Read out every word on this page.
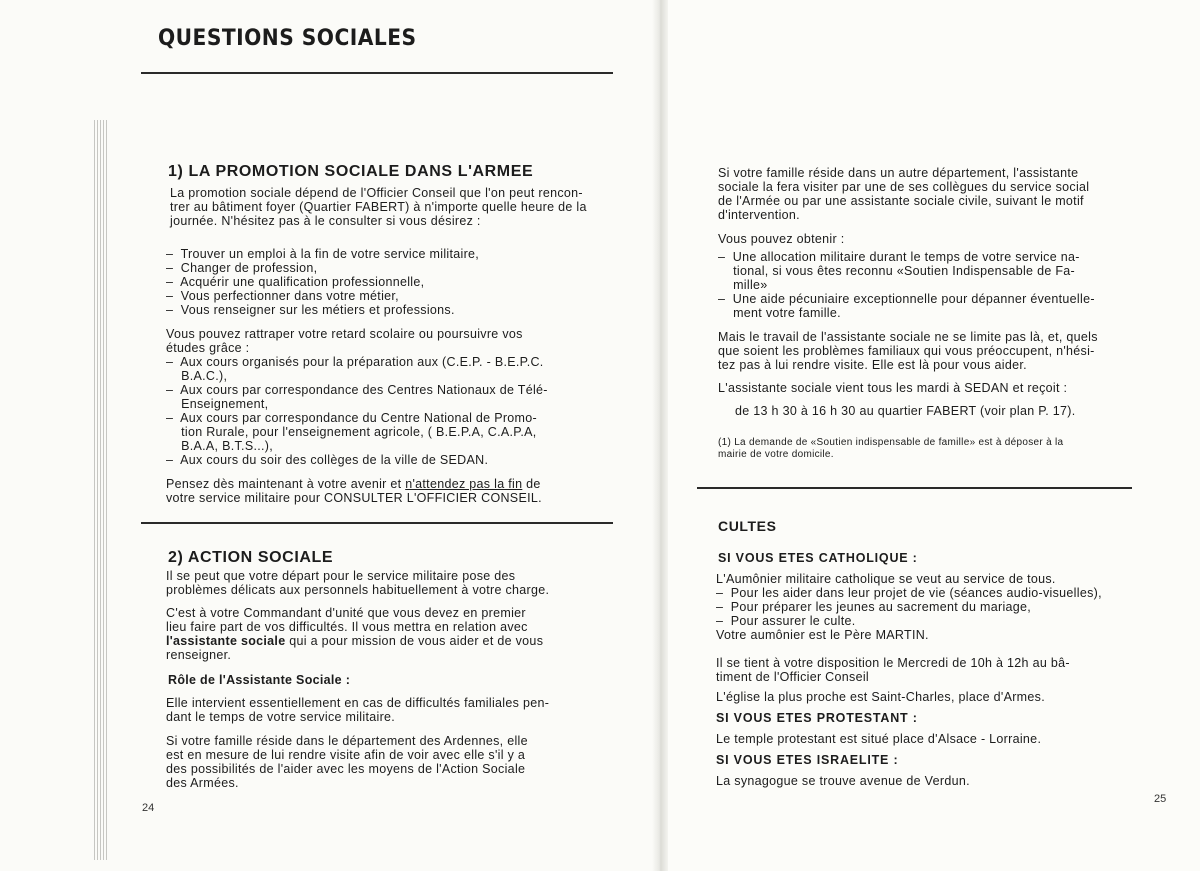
QUESTIONS SOCIALES
1) LA PROMOTION SOCIALE DANS L'ARMEE
La promotion sociale dépend de l'Officier Conseil que l'on peut rencon-
trer au bâtiment foyer (Quartier FABERT) à n'importe quelle heure de la
journée. N'hésitez pas à le consulter si vous désirez :
–  Trouver un emploi à la fin de votre service militaire,
–  Changer de profession,
–  Acquérir une qualification professionnelle,
–  Vous perfectionner dans votre métier,
–  Vous renseigner sur les métiers et professions.
Vous pouvez rattraper votre retard scolaire ou poursuivre vos
études grâce :
–  Aux cours organisés pour la préparation aux (C.E.P. - B.E.P.C.
B.A.C.),
–  Aux cours par correspondance des Centres Nationaux de Télé-
Enseignement,
–  Aux cours par correspondance du Centre National de Promo-
tion Rurale, pour l'enseignement agricole, ( B.E.P.A, C.A.P.A,
B.A.A, B.T.S...),
–  Aux cours du soir des collèges de la ville de SEDAN.
Pensez dès maintenant à votre avenir et n'attendez pas la fin de
votre service militaire pour CONSULTER L'OFFICIER CONSEIL.
2) ACTION SOCIALE
Il se peut que votre départ pour le service militaire pose des
problèmes délicats aux personnels habituellement à votre charge.
C'est à votre Commandant d'unité que vous devez en premier
lieu faire part de vos difficultés. Il vous mettra en relation avec
l'assistante sociale qui a pour mission de vous aider et de vous
renseigner.
Rôle de l'Assistante Sociale :
Elle intervient essentiellement en cas de difficultés familiales pen-
dant le temps de votre service militaire.
Si votre famille réside dans le département des Ardennes, elle
est en mesure de lui rendre visite afin de voir avec elle s'il y a
des possibilités de l'aider avec les moyens de l'Action Sociale
des Armées.
24
Si votre famille réside dans un autre département, l'assistante
sociale la fera visiter par une de ses collègues du service social
de l'Armée ou par une assistante sociale civile, suivant le motif
d'intervention.
Vous pouvez obtenir :
–  Une allocation militaire durant le temps de votre service na-
tional, si vous êtes reconnu «Soutien Indispensable de Fa-
mille»
–  Une aide pécuniaire exceptionnelle pour dépanner éventuelle-
ment votre famille.
Mais le travail de l'assistante sociale ne se limite pas là, et, quels
que soient les problèmes familiaux qui vous préoccupent, n'hési-
tez pas à lui rendre visite. Elle est là pour vous aider.
L'assistante sociale vient tous les mardi à SEDAN et reçoit :
de 13 h 30 à 16 h 30 au quartier FABERT (voir plan P. 17).
(1) La demande de «Soutien indispensable de famille» est à déposer à la
mairie de votre domicile.
CULTES
SI VOUS ETES CATHOLIQUE :
L'Aumônier militaire catholique se veut au service de tous.
–  Pour les aider dans leur projet de vie (séances audio-visuelles),
–  Pour préparer les jeunes au sacrement du mariage,
–  Pour assurer le culte.
Votre aumônier est le Père MARTIN.
Il se tient à votre disposition le Mercredi de 10h à 12h au bâ-
timent de l'Officier Conseil
L'église la plus proche est Saint-Charles, place d'Armes.
SI VOUS ETES PROTESTANT :
Le temple protestant est situé place d'Alsace - Lorraine.
SI VOUS ETES ISRAELITE :
La synagogue se trouve avenue de Verdun.
25
